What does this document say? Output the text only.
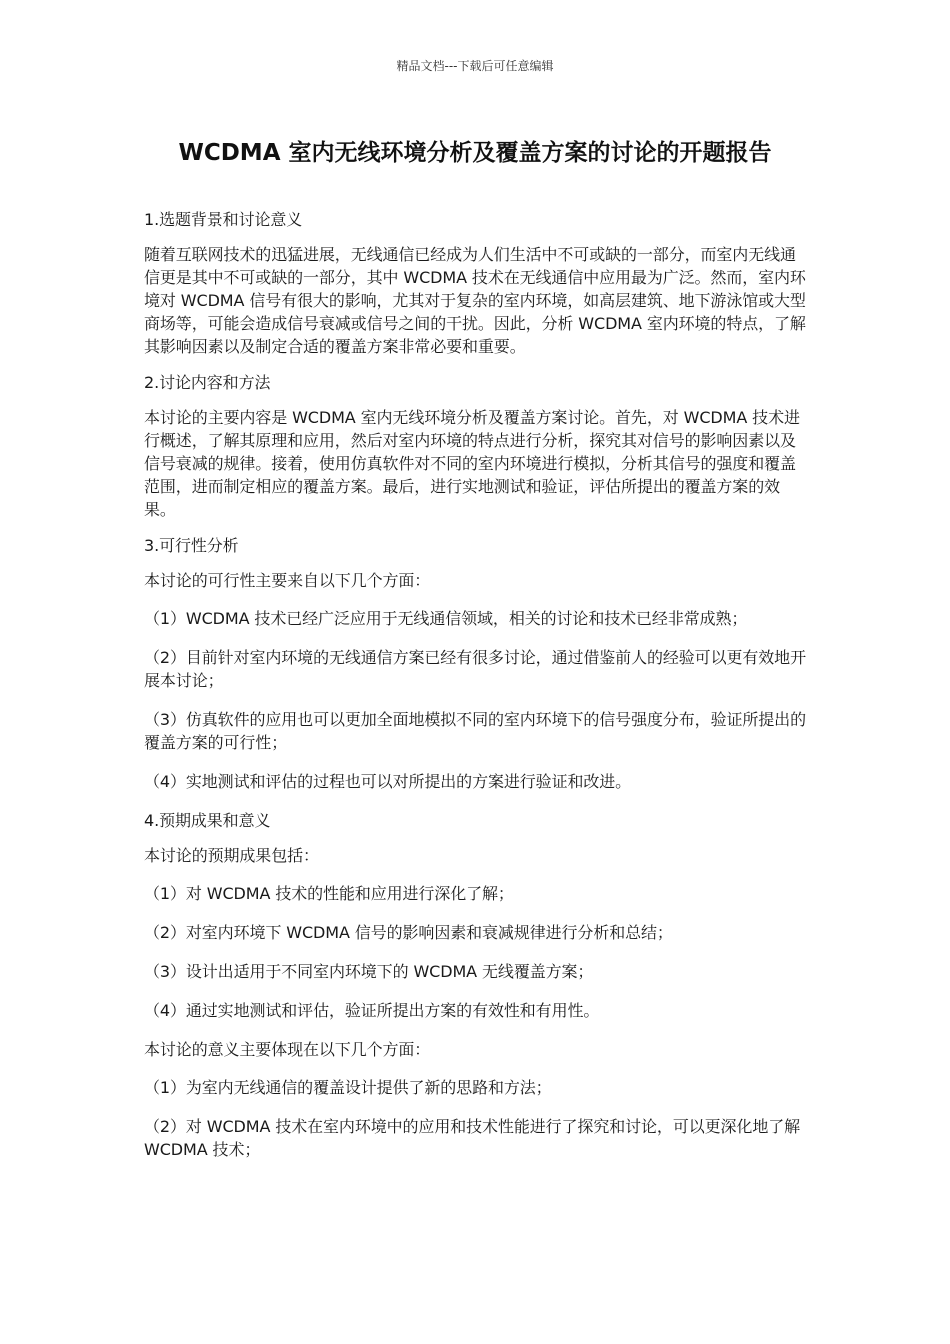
精品文档---下载后可任意编辑
WCDMA 室内无线环境分析及覆盖方案的讨论的开题报告

1.选题背景和讨论意义

随着互联网技术的迅猛进展，无线通信已经成为人们生活中不可或缺的一部分，而室内无线通信更是其中不可或缺的一部分，其中 WCDMA 技术在无线通信中应用最为广泛。然而，室内环境对 WCDMA 信号有很大的影响，尤其对于复杂的室内环境，如高层建筑、地下游泳馆或大型商场等，可能会造成信号衰减或信号之间的干扰。因此，分析 WCDMA 室内环境的特点，了解其影响因素以及制定合适的覆盖方案非常必要和重要。

2.讨论内容和方法

本讨论的主要内容是 WCDMA 室内无线环境分析及覆盖方案讨论。首先，对 WCDMA 技术进行概述，了解其原理和应用，然后对室内环境的特点进行分析，探究其对信号的影响因素以及信号衰减的规律。接着，使用仿真软件对不同的室内环境进行模拟，分析其信号的强度和覆盖范围，进而制定相应的覆盖方案。最后，进行实地测试和验证，评估所提出的覆盖方案的效果。

3.可行性分析

本讨论的可行性主要来自以下几个方面：

（1）WCDMA 技术已经广泛应用于无线通信领域，相关的讨论和技术已经非常成熟；

（2）目前针对室内环境的无线通信方案已经有很多讨论，通过借鉴前人的经验可以更有效地开展本讨论；

（3）仿真软件的应用也可以更加全面地模拟不同的室内环境下的信号强度分布，验证所提出的覆盖方案的可行性；

（4）实地测试和评估的过程也可以对所提出的方案进行验证和改进。

4.预期成果和意义

本讨论的预期成果包括：

（1）对 WCDMA 技术的性能和应用进行深化了解；

（2）对室内环境下 WCDMA 信号的影响因素和衰减规律进行分析和总结；

（3）设计出适用于不同室内环境下的 WCDMA 无线覆盖方案；

（4）通过实地测试和评估，验证所提出方案的有效性和有用性。

本讨论的意义主要体现在以下几个方面：

（1）为室内无线通信的覆盖设计提供了新的思路和方法；

（2）对 WCDMA 技术在室内环境中的应用和技术性能进行了探究和讨论，可以更深化地了解 WCDMA 技术；
